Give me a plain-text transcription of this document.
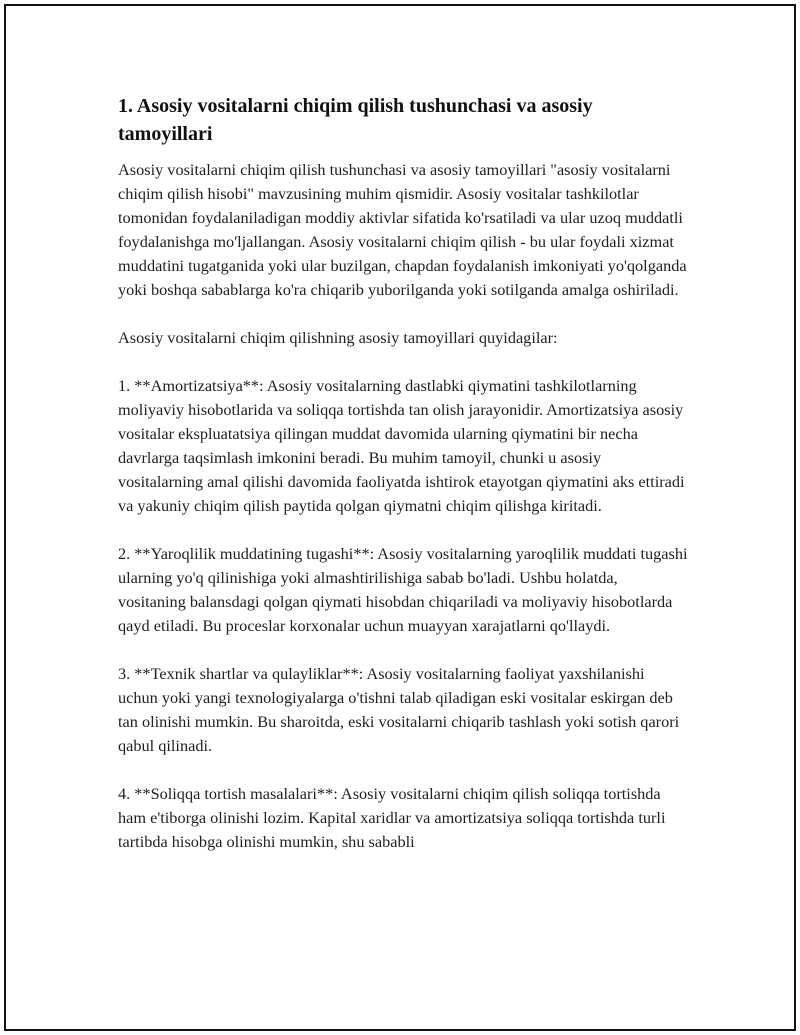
1. Asosiy vositalarni chiqim qilish tushunchasi va asosiy tamoyillari

Asosiy vositalarni chiqim qilish tushunchasi va asosiy tamoyillari "asosiy vositalarni chiqim qilish hisobi" mavzusining muhim qismidir. Asosiy vositalar tashkilotlar tomonidan foydalaniladigan moddiy aktivlar sifatida ko'rsatiladi va ular uzoq muddatli foydalanishga mo'ljallangan. Asosiy vositalarni chiqim qilish - bu ular foydali xizmat muddatini tugatganida yoki ular buzilgan, chapdan foydalanish imkoniyati yo'qolganda yoki boshqa sabablarga ko'ra chiqarib yuborilganda yoki sotilganda amalga oshiriladi.

Asosiy vositalarni chiqim qilishning asosiy tamoyillari quyidagilar:

1. **Amortizatsiya**: Asosiy vositalarning dastlabki qiymatini tashkilotlarning moliyaviy hisobotlarida va soliqqa tortishda tan olish jarayonidir. Amortizatsiya asosiy vositalar ekspluatatsiya qilingan muddat davomida ularning qiymatini bir necha davrlarga taqsimlash imkonini beradi. Bu muhim tamoyil, chunki u asosiy vositalarning amal qilishi davomida faoliyatda ishtirok etayotgan qiymatini aks ettiradi va yakuniy chiqim qilish paytida qolgan qiymatni chiqim qilishga kiritadi.

2. **Yaroqlilik muddatining tugashi**: Asosiy vositalarning yaroqlilik muddati tugashi ularning yo'q qilinishiga yoki almashtirilishiga sabab bo'ladi. Ushbu holatda, vositaning balansdagi qolgan qiymati hisobdan chiqariladi va moliyaviy hisobotlarda qayd etiladi. Bu proceslar korxonalar uchun muayyan xarajatlarni qo'llaydi.

3. **Texnik shartlar va qulayliklar**: Asosiy vositalarning faoliyat yaxshilanishi uchun yoki yangi texnologiyalarga o'tishni talab qiladigan eski vositalar eskirgan deb tan olinishi mumkin. Bu sharoitda, eski vositalarni chiqarib tashlash yoki sotish qarori qabul qilinadi.

4. **Soliqqa tortish masalalari**: Asosiy vositalarni chiqim qilish soliqqa tortishda ham e'tiborga olinishi lozim. Kapital xaridlar va amortizatsiya soliqqa tortishda turli tartibda hisobga olinishi mumkin, shu sababli
